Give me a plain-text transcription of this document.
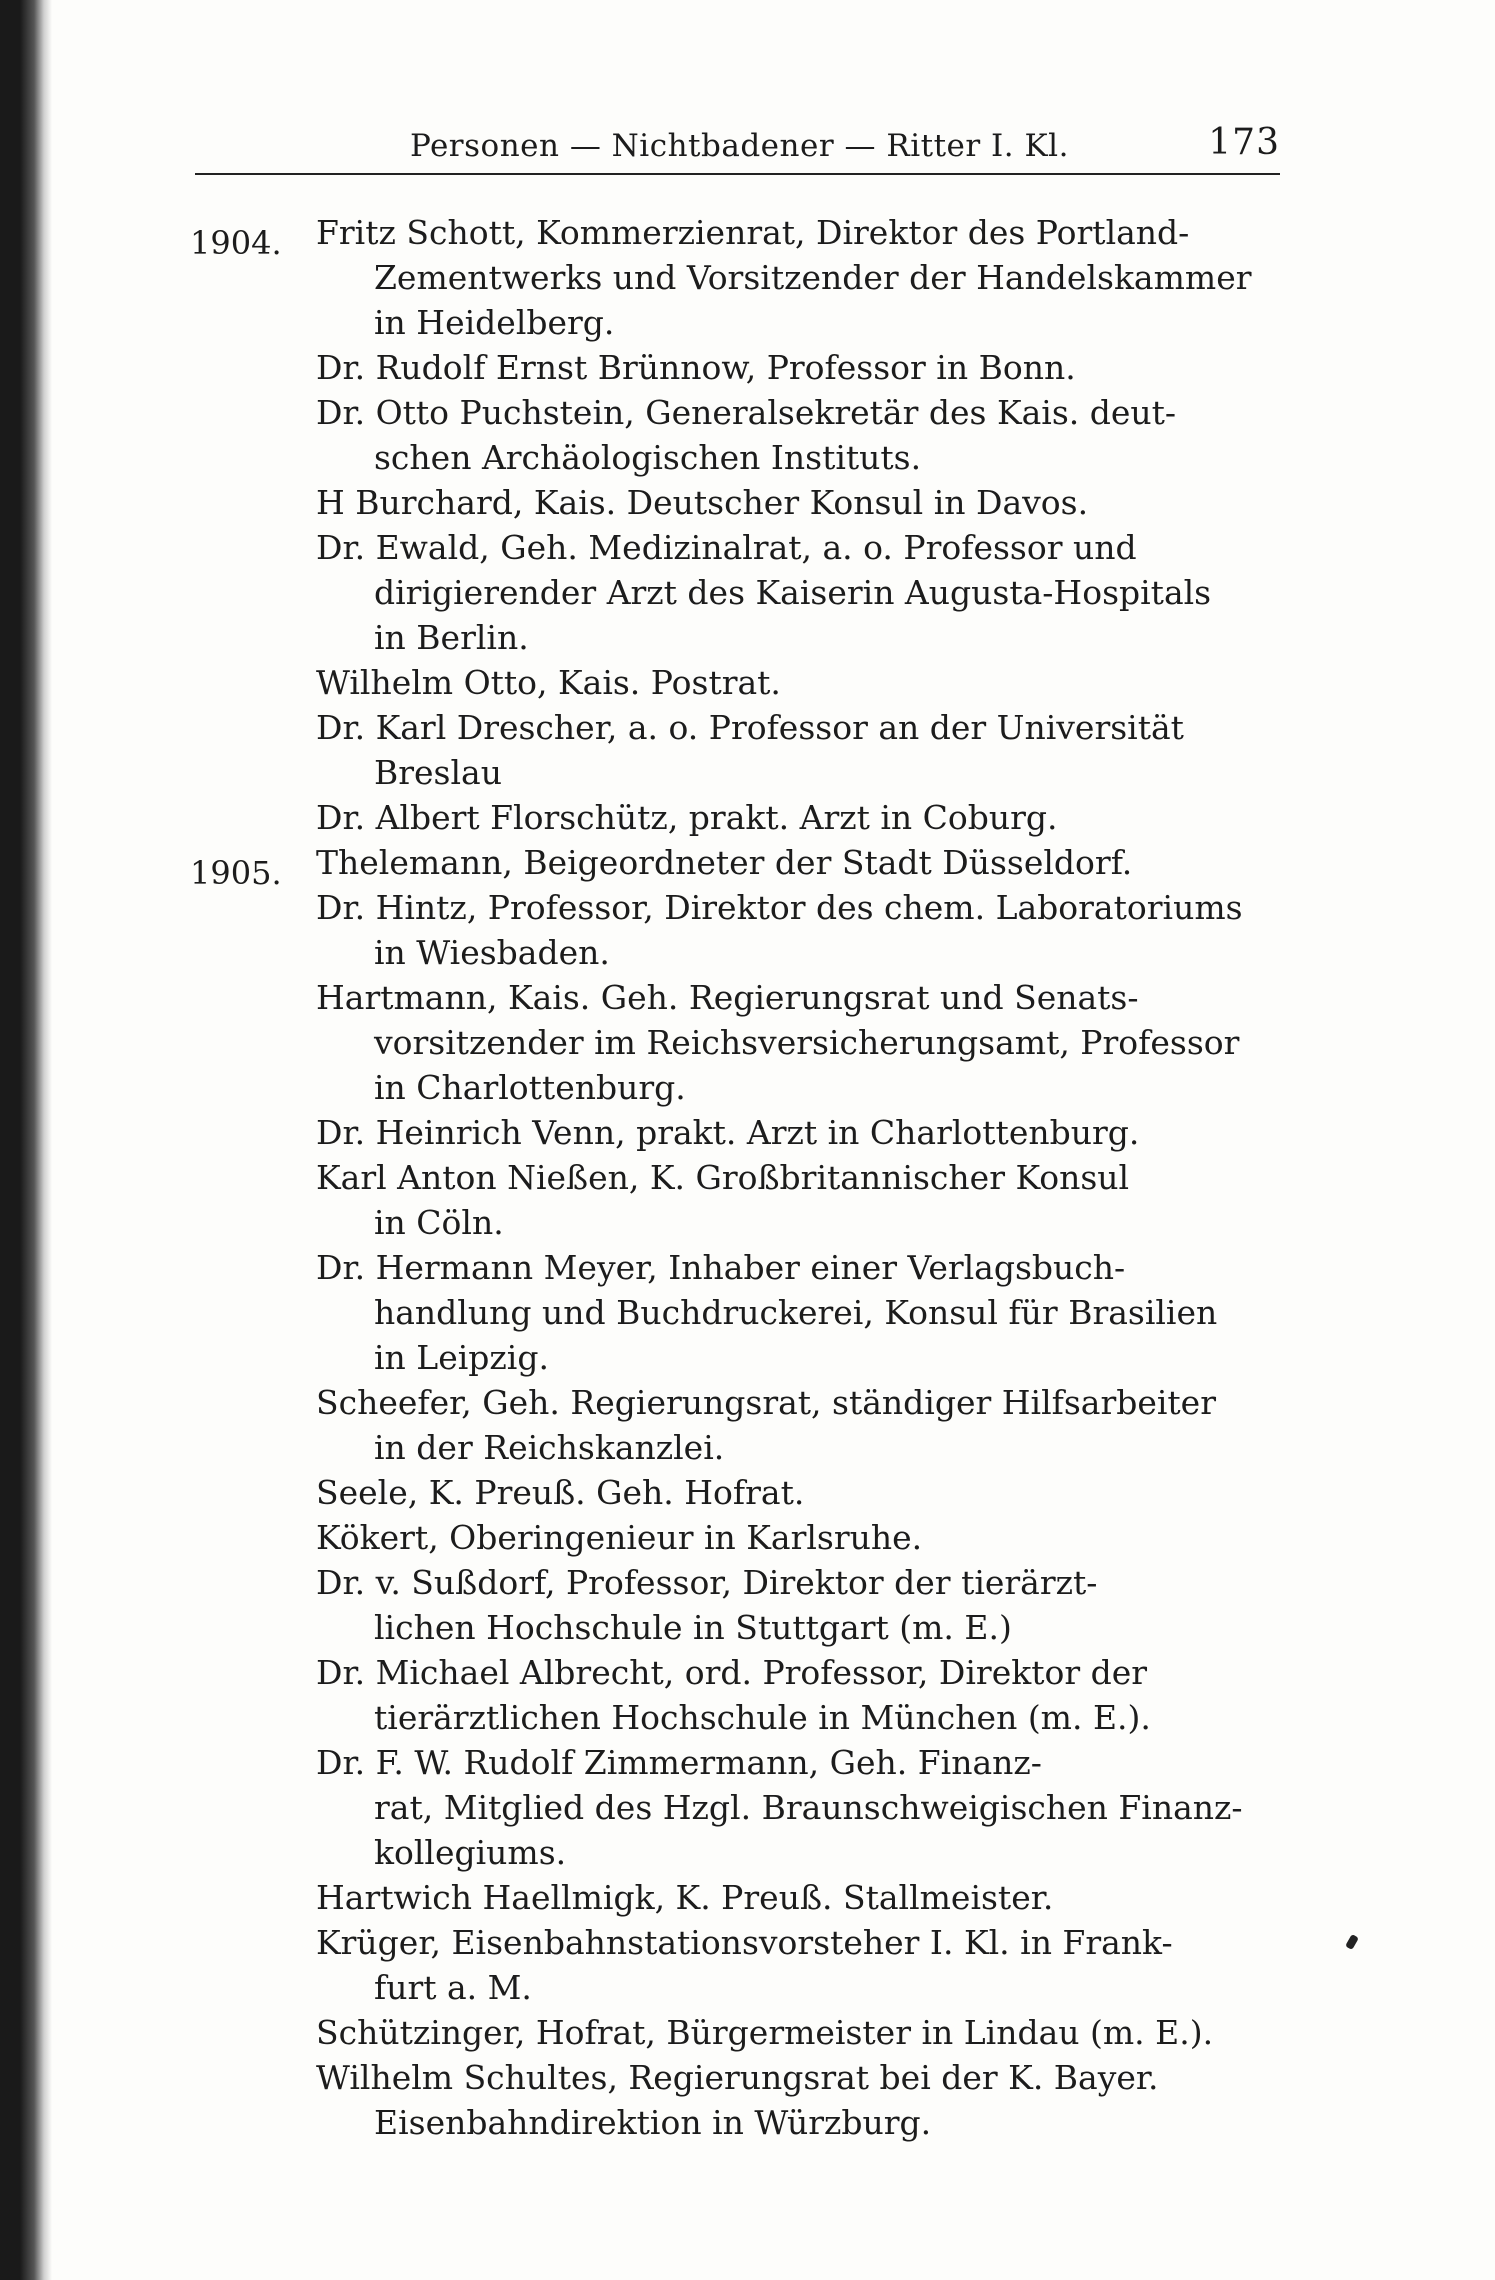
Personen — Nichtbadener — Ritter I. Kl.	173
1904.	Fritz Schott, Kommerzienrat, Direktor des Portland-
Zementwerks und Vorsitzender der Handelskammer
in Heidelberg.
Dr. Rudolf Ernst Brünnow, Professor in Bonn.
Dr. Otto Puchstein, Generalsekretär des Kais. deut-
schen Archäologischen Instituts.
H Burchard, Kais. Deutscher Konsul in Davos.
Dr. Ewald, Geh. Medizinalrat, a. o. Professor und
dirigierender Arzt des Kaiserin Augusta-Hospitals
in Berlin.
Wilhelm Otto, Kais. Postrat.
Dr. Karl Drescher, a. o. Professor an der Universität
Breslau
Dr. Albert Florschütz, prakt. Arzt in Coburg.
1905.	Thelemann, Beigeordneter der Stadt Düsseldorf.
Dr. Hintz, Professor, Direktor des chem. Laboratoriums
in Wiesbaden.
Hartmann, Kais. Geh. Regierungsrat und Senats-
vorsitzender im Reichsversicherungsamt, Professor
in Charlottenburg.
Dr. Heinrich Venn, prakt. Arzt in Charlottenburg.
Karl Anton Nießen, K. Großbritannischer Konsul
in Cöln.
Dr. Hermann Meyer, Inhaber einer Verlagsbuch-
handlung und Buchdruckerei, Konsul für Brasilien
in Leipzig.
Scheefer, Geh. Regierungsrat, ständiger Hilfsarbeiter
in der Reichskanzlei.
Seele, K. Preuß. Geh. Hofrat.
Kökert, Oberingenieur in Karlsruhe.
Dr. v. Sußdorf, Professor, Direktor der tierärzt-
lichen Hochschule in Stuttgart (m. E.)
Dr. Michael Albrecht, ord. Professor, Direktor der
tierärztlichen Hochschule in München (m. E.).
Dr. F. W. Rudolf Zimmermann, Geh. Finanz-
rat, Mitglied des Hzgl. Braunschweigischen Finanz-
kollegiums.
Hartwich Haellmigk, K. Preuß. Stallmeister.
Krüger, Eisenbahnstationsvorsteher I. Kl. in Frank-
furt a. M.
Schützinger, Hofrat, Bürgermeister in Lindau (m. E.).
Wilhelm Schultes, Regierungsrat bei der K. Bayer.
Eisenbahndirektion in Würzburg.
